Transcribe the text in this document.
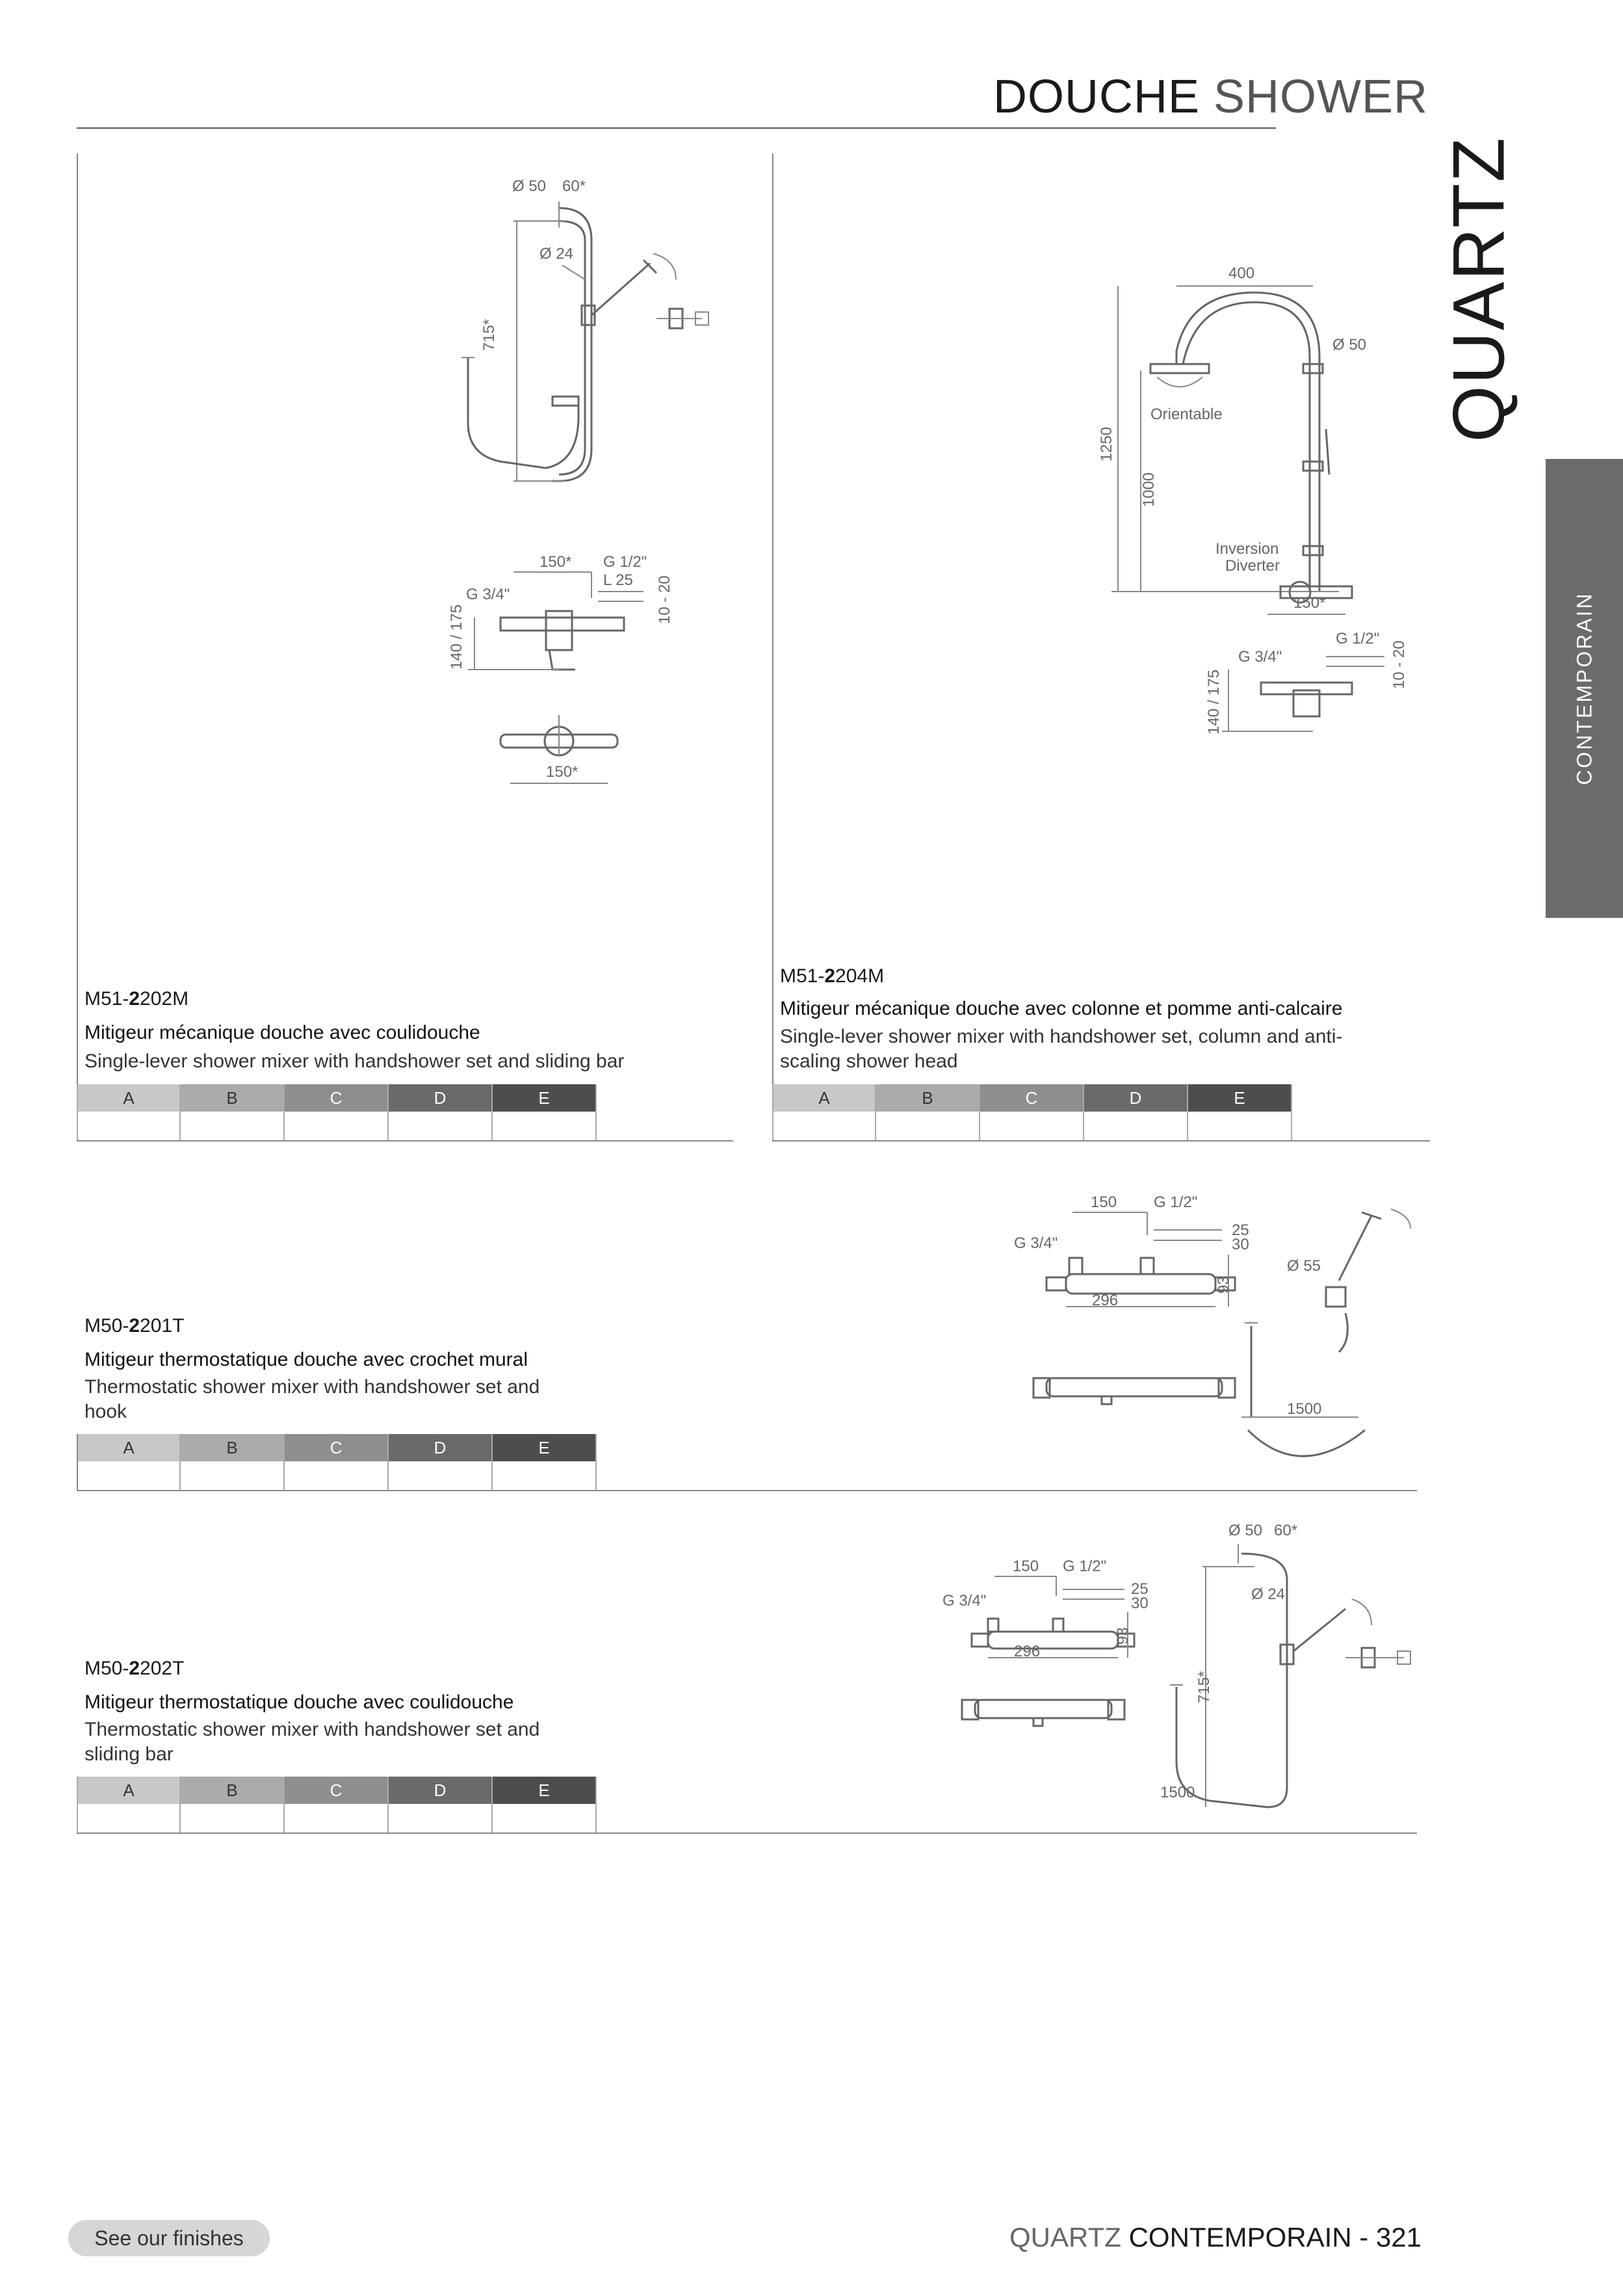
DOUCHE SHOWER
QUARTZ
CONTEMPORAIN
Ø 50 60*
715*
Ø 24
150* G 1/2"
L 25
G 3/4"	10 - 20
140 / 175
150*
M51-2202M
Mitigeur mécanique douche avec coulidouche
Single-lever shower mixer with handshower set and sliding bar
A	B	C	D	E
400
Orientable
Ø 50
1250
1000
Inversion
Diverter
150*
G 1/2"
G 3/4"	10 - 20
140 / 175
M51-2204M
Mitigeur mécanique douche avec colonne et pomme anti-calcaire
Single-lever shower mixer with handshower set, column and anti-
scaling shower head
A	B	C	D	E
150 G 1/2"
25
30
G 3/4"
Ø 55
296
93
1500
M50-2201T
Mitigeur thermostatique douche avec crochet mural
Thermostatic shower mixer with handshower set and
hook
A	B	C	D	E
Ø 50 60*
150 G 1/2"
25
30
G 3/4"	Ø 24
296
93
715*
1500
M50-2202T
Mitigeur thermostatique douche avec coulidouche
Thermostatic shower mixer with handshower set and
sliding bar
A	B	C	D	E
See our finishes	QUARTZ CONTEMPORAIN - 321
